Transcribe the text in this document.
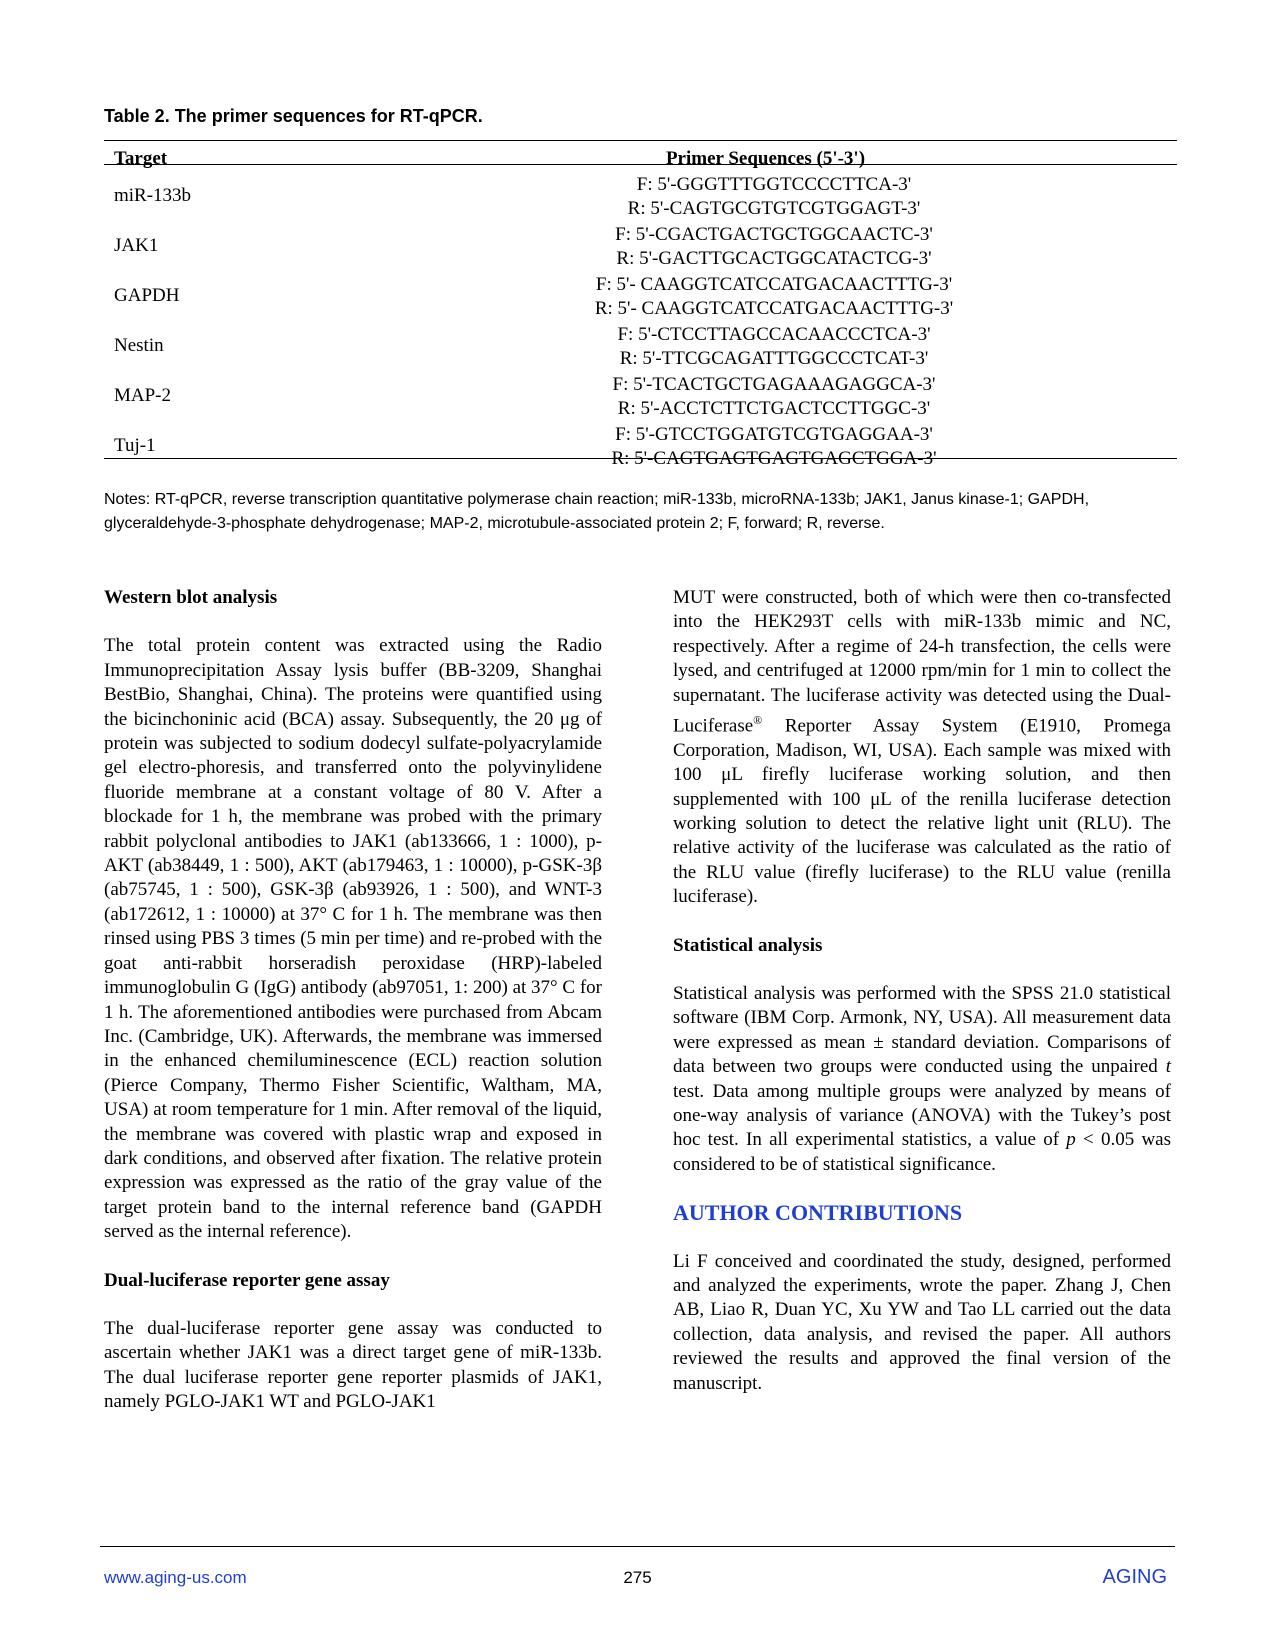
Table 2. The primer sequences for RT-qPCR.
Target	Primer Sequences (5'-3')
miR-133b
F: 5'-GGGTTTGGTCCCCTTCA-3'
R: 5'-CAGTGCGTGTCGTGGAGT-3'
JAK1
F: 5'-CGACTGACTGCTGGCAACTC-3'
R: 5'-GACTTGCACTGGCATACTCG-3'
GAPDH
F: 5'- CAAGGTCATCCATGACAACTTTG-3'
R: 5'- CAAGGTCATCCATGACAACTTTG-3'
Nestin
F: 5'-CTCCTTAGCCACAACCCTCA-3'
R: 5'-TTCGCAGATTTGGCCCTCAT-3'
MAP-2
F: 5'-TCACTGCTGAGAAAGAGGCA-3'
R: 5'-ACCTCTTCTGACTCCTTGGC-3'
Tuj-1
F: 5'-GTCCTGGATGTCGTGAGGAA-3'
R: 5'-CAGTGAGTGAGTGAGCTGGA-3'
Notes: RT-qPCR, reverse transcription quantitative polymerase chain reaction; miR-133b, microRNA-133b; JAK1, Janus kinase-1; GAPDH, glyceraldehyde-3-phosphate dehydrogenase; MAP-2, microtubule-associated protein 2; F, forward; R, reverse.
Western blot analysis

The total protein content was extracted using the Radio Immunoprecipitation Assay lysis buffer (BB-3209, Shanghai BestBio, Shanghai, China). The proteins were quantified using the bicinchoninic acid (BCA) assay. Subsequently, the 20 μg of protein was subjected to sodium dodecyl sulfate-polyacrylamide gel electro-phoresis, and transferred onto the polyvinylidene fluoride membrane at a constant voltage of 80 V. After a blockade for 1 h, the membrane was probed with the primary rabbit polyclonal antibodies to JAK1 (ab133666, 1 : 1000), p-AKT (ab38449, 1 : 500), AKT (ab179463, 1 : 10000), p-GSK-3β (ab75745, 1 : 500), GSK-3β (ab93926, 1 : 500), and WNT-3 (ab172612, 1 : 10000) at 37° C for 1 h. The membrane was then rinsed using PBS 3 times (5 min per time) and re-probed with the goat anti-rabbit horseradish peroxidase (HRP)-labeled immunoglobulin G (IgG) antibody (ab97051, 1: 200) at 37° C for 1 h. The aforementioned antibodies were purchased from Abcam Inc. (Cambridge, UK). Afterwards, the membrane was immersed in the enhanced chemiluminescence (ECL) reaction solution (Pierce Company, Thermo Fisher Scientific, Waltham, MA, USA) at room temperature for 1 min. After removal of the liquid, the membrane was covered with plastic wrap and exposed in dark conditions, and observed after fixation. The relative protein expression was expressed as the ratio of the gray value of the target protein band to the internal reference band (GAPDH served as the internal reference).

Dual-luciferase reporter gene assay

The dual-luciferase reporter gene assay was conducted to ascertain whether JAK1 was a direct target gene of miR-133b. The dual luciferase reporter gene reporter plasmids of JAK1, namely PGLO-JAK1 WT and PGLO-JAK1

MUT were constructed, both of which were then co-transfected into the HEK293T cells with miR-133b mimic and NC, respectively. After a regime of 24-h transfection, the cells were lysed, and centrifuged at 12000 rpm/min for 1 min to collect the supernatant. The luciferase activity was detected using the Dual-Luciferase® Reporter Assay System (E1910, Promega Corporation, Madison, WI, USA). Each sample was mixed with 100 μL firefly luciferase working solution, and then supplemented with 100 μL of the renilla luciferase detection working solution to detect the relative light unit (RLU). The relative activity of the luciferase was calculated as the ratio of the RLU value (firefly luciferase) to the RLU value (renilla luciferase).

Statistical analysis

Statistical analysis was performed with the SPSS 21.0 statistical software (IBM Corp. Armonk, NY, USA). All measurement data were expressed as mean ± standard deviation. Comparisons of data between two groups were conducted using the unpaired t test. Data among multiple groups were analyzed by means of one-way analysis of variance (ANOVA) with the Tukey’s post hoc test. In all experimental statistics, a value of p < 0.05 was considered to be of statistical significance.

AUTHOR CONTRIBUTIONS

Li F conceived and coordinated the study, designed, performed and analyzed the experiments, wrote the paper. Zhang J, Chen AB, Liao R, Duan YC, Xu YW and Tao LL carried out the data collection, data analysis, and revised the paper. All authors reviewed the results and approved the final version of the manuscript.

www.aging-us.com	275	AGING
